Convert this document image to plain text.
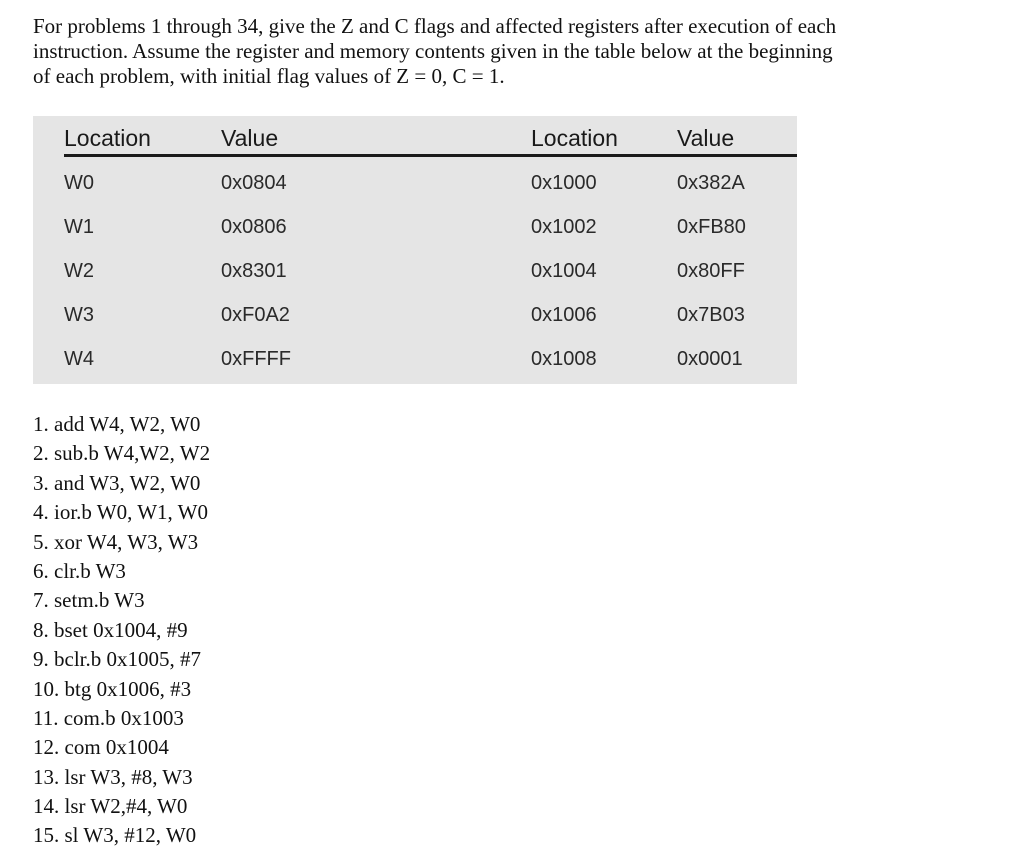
For problems 1 through 34, give the Z and C flags and affected registers after execution of each
instruction. Assume the register and memory contents given in the table below at the beginning
of each problem, with initial flag values of Z = 0, C = 1.
Location	Value	Location	Value
W0	0x0804	0x1000	0x382A
W1	0x0806	0x1002	0xFB80
W2	0x8301	0x1004	0x80FF
W3	0xF0A2	0x1006	0x7B03
W4	0xFFFF	0x1008	0x0001
1. add W4, W2, W0
2. sub.b W4,W2, W2
3. and W3, W2, W0
4. ior.b W0, W1, W0
5. xor W4, W3, W3
6. clr.b W3
7. setm.b W3
8. bset 0x1004, #9
9. bclr.b 0x1005, #7
10. btg 0x1006, #3
11. com.b 0x1003
12. com 0x1004
13. lsr W3, #8, W3
14. lsr W2,#4, W0
15. sl W3, #12, W0
